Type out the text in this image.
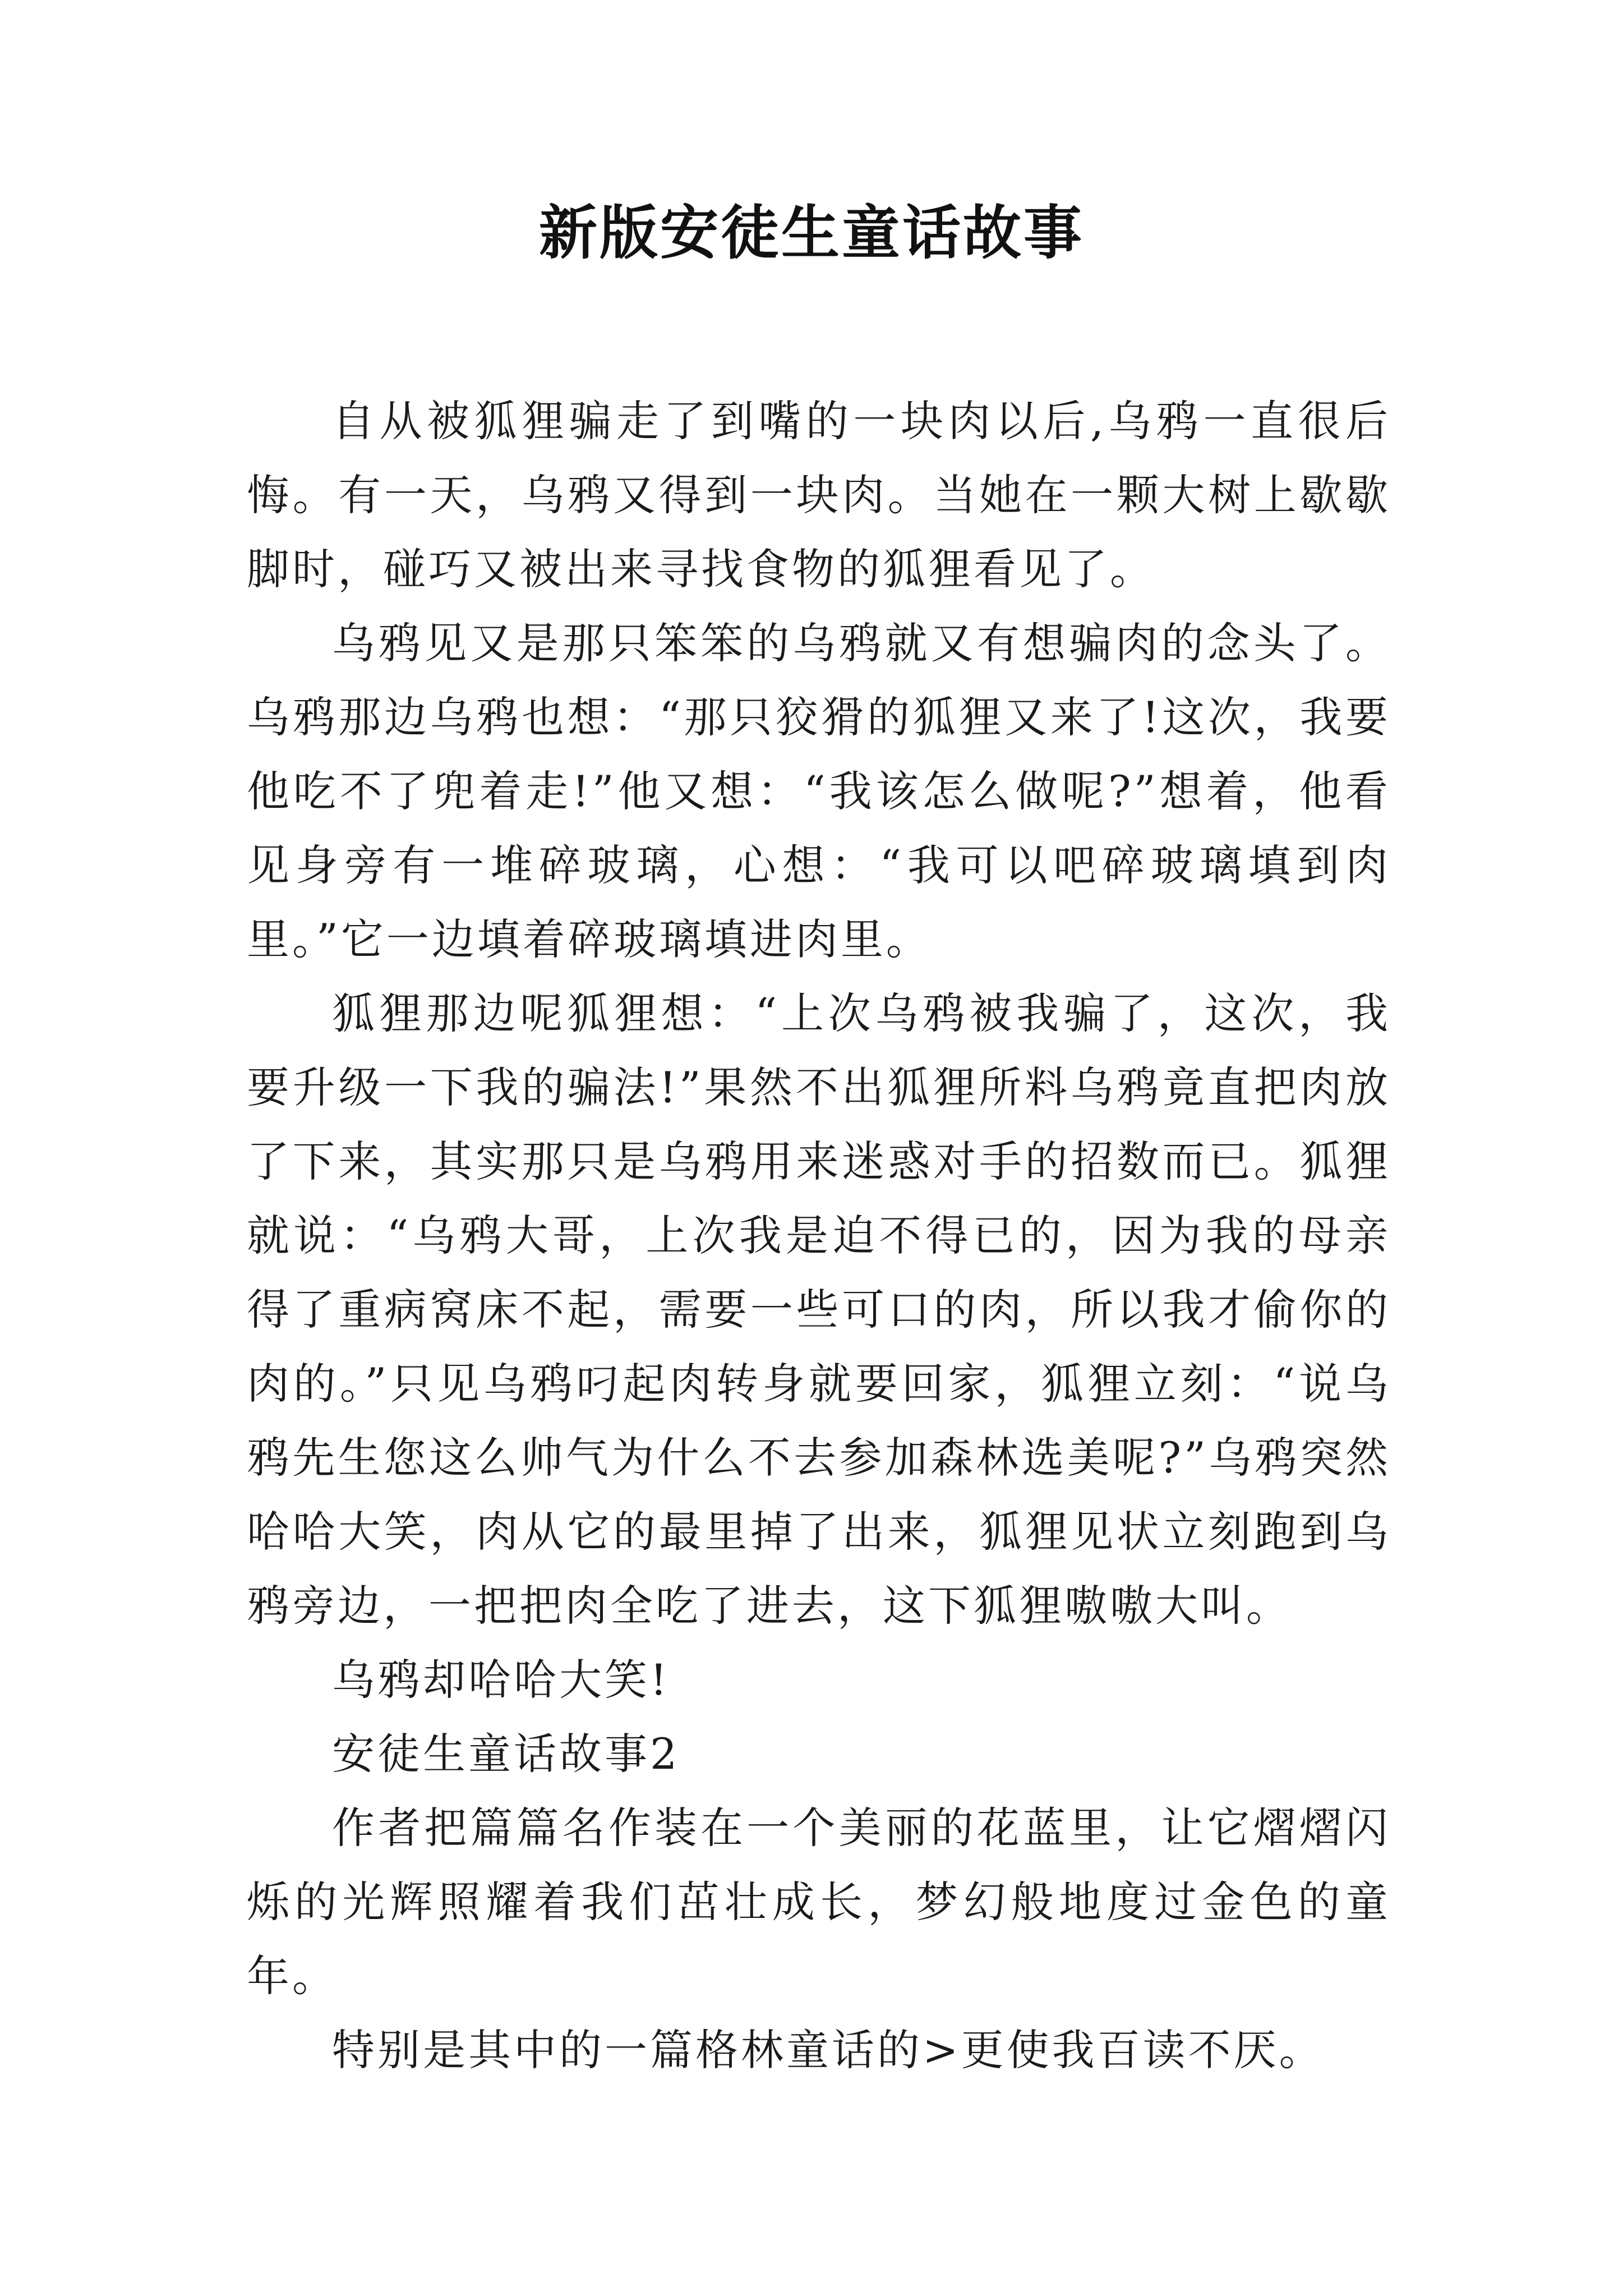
新版安徒生童话故事

自从被狐狸骗走了到嘴的一块肉以后,乌鸦一直很后悔。有一天，乌鸦又得到一块肉。当她在一颗大树上歇歇脚时，碰巧又被出来寻找食物的狐狸看见了。

乌鸦见又是那只笨笨的乌鸦就又有想骗肉的念头了。乌鸦那边乌鸦也想：“那只狡猾的狐狸又来了!这次，我要他吃不了兜着走!”他又想：“我该怎么做呢?”想着，他看见身旁有一堆碎玻璃，心想：“我可以吧碎玻璃填到肉里。”它一边填着碎玻璃填进肉里。

狐狸那边呢狐狸想：“上次乌鸦被我骗了，这次，我要升级一下我的骗法!”果然不出狐狸所料乌鸦竟直把肉放了下来，其实那只是乌鸦用来迷惑对手的招数而已。狐狸就说：“乌鸦大哥，上次我是迫不得已的，因为我的母亲得了重病窝床不起，需要一些可口的肉，所以我才偷你的肉的。”只见乌鸦叼起肉转身就要回家，狐狸立刻：“说乌鸦先生您这么帅气为什么不去参加森林选美呢?”乌鸦突然哈哈大笑，肉从它的最里掉了出来，狐狸见状立刻跑到乌鸦旁边，一把把肉全吃了进去，这下狐狸嗷嗷大叫。

乌鸦却哈哈大笑!

安徒生童话故事2

作者把篇篇名作装在一个美丽的花蓝里，让它熠熠闪烁的光辉照耀着我们茁壮成长，梦幻般地度过金色的童年。

特别是其中的一篇格林童话的>更使我百读不厌。
